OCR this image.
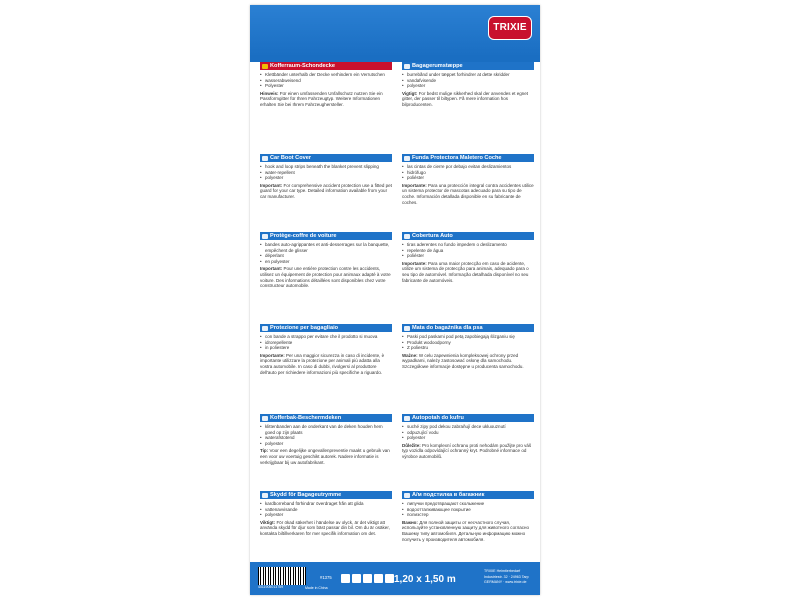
TRIXIE
Kofferraum-Schondecke
• Klettbänder unterhalb der Decke verhindern ein Verrutschen
• wasserabweisend
• Polyester

Hinweis: Für einen umfassenden Unfallschutz nutzen Sie ein Passformgitter für Ihren Fahrzeugtyp. Weitere Informationen erhalten Sie bei Ihrem Fahrzeughersteller.

Car Boot Cover
• hook and loop strips beneath the blanket prevent slipping
• water-repellent
• polyester

Important: For comprehensive accident protection use a fitted pet guard for your car type. Detailed information available from your car manufacturer.

Protège-coffre de voiture
• bandes auto-agrippantes et anti-desserrages sur la banquette, empêchent de glisser
• déperlant
• en polyester

Important: Pour une entière protection contre les accidents, utilisez un équipement de protection pour animaux adapté à votre voiture. Des informations détaillées sont disponibles chez votre constructeur automobile.

Protezione per bagagliaio
• con bande a strappo per evitare che il prodotto si muova
• idrorepellente
• in poliestere

Importante: Per una maggior sicurezza in caso di incidente, è importante utilizzare la protezione per animali più adatta alla vostra automobile. In caso di dubbi, rivolgersi al produttore dell'auto per richiedere informazioni più specifiche a riguardo.

Kofferbak-Beschermdeken
• klittenbanden aan de onderkant van de deken houden hem goed op zijn plaats
• waterafstotend
• polyester

Tip: Voor een degelijke ongevallenpreventie maakt u gebruik van een voor uw voertuig geschikt autorek. Nadere informatie is verkrijgbaar bij uw autofabrikant.

Skydd för Bagageutrymme
• kardborreband förhindrar överdraget från att glida
• vattenavvisande
• polyester

Viktigt: För ökad säkerhet i händelse av olyck, är det viktigt att använda skydd för djur som bäst passar din bil. Om du är osäker, kontakta biltillverkaren för mer specifik information om det.

Bagagerumstæppe
• burrebånd under tæppet forhindrer at dette skridder
• vandafvisende
• polyester

Vigtigt: For bedst mulige sikkerhed skal der anvendes et egnet gitter, der passer til biltypen. Få mere information hos bilproducenten.

Funda Protectora Maletero Coche
• las cintas de cierre por debajo evitan deslizamientos
• hidrófugo
• poliéster

Importante: Para una protección integral contra accidentes utilice un sistema protector de mascotas adecuado para su tipo de coche. Información detallada disponible en su fabricante de coches.

Cobertura Auto
• tiras aderentes no fundo impedem o deslizamento
• repelente de água
• poliéster

Importante: Para uma maior protecção em caso de acidente, utilize um sistema de protecção para animais, adequado para o seu tipo de automóvel. Informação detalhada disponível no seu fabricante de automóveis.

Mata do bagażnika dla psa
• Paski pod paskami pod petą zapobiegają ślizganiu się
• Produkt wodoodporny
• Z poliestru

Ważne: W celu zapewnienia kompleksowej ochrony przed wypadkami, należy zastosować osłonę dla samochodu. Szczegółowe informacje dostępne u producenta samochodu.

Autopotah do kufru
• suché zipy pod dekou zabraňují dece ukluouznutí
• odpuzující vodu
• polyester

Důležite: Pro komplexní ochranu proti nehodám použijte pro váš typ vozidla odpovídající ochranný kryt. Podrobné informace od výrobce automobilů.

А/м подстилка в багажник
• липучки предотвращают скольжение
• водоотталкивающее покрытие
• полиэстер

Важно: Для полной защиты от несчастного случая, используйте установленную защиту для животного согласно Вашему типу автомобиля. Детальную информацию можно получить у производителя автомобиля.

4011905013759
#1375
Made in China
1,20 x 1,50 m
TRIXIE Heimtierbedarf
Industriestr. 32 · 24963 Tarp
GERMANY · www.trixie.de
